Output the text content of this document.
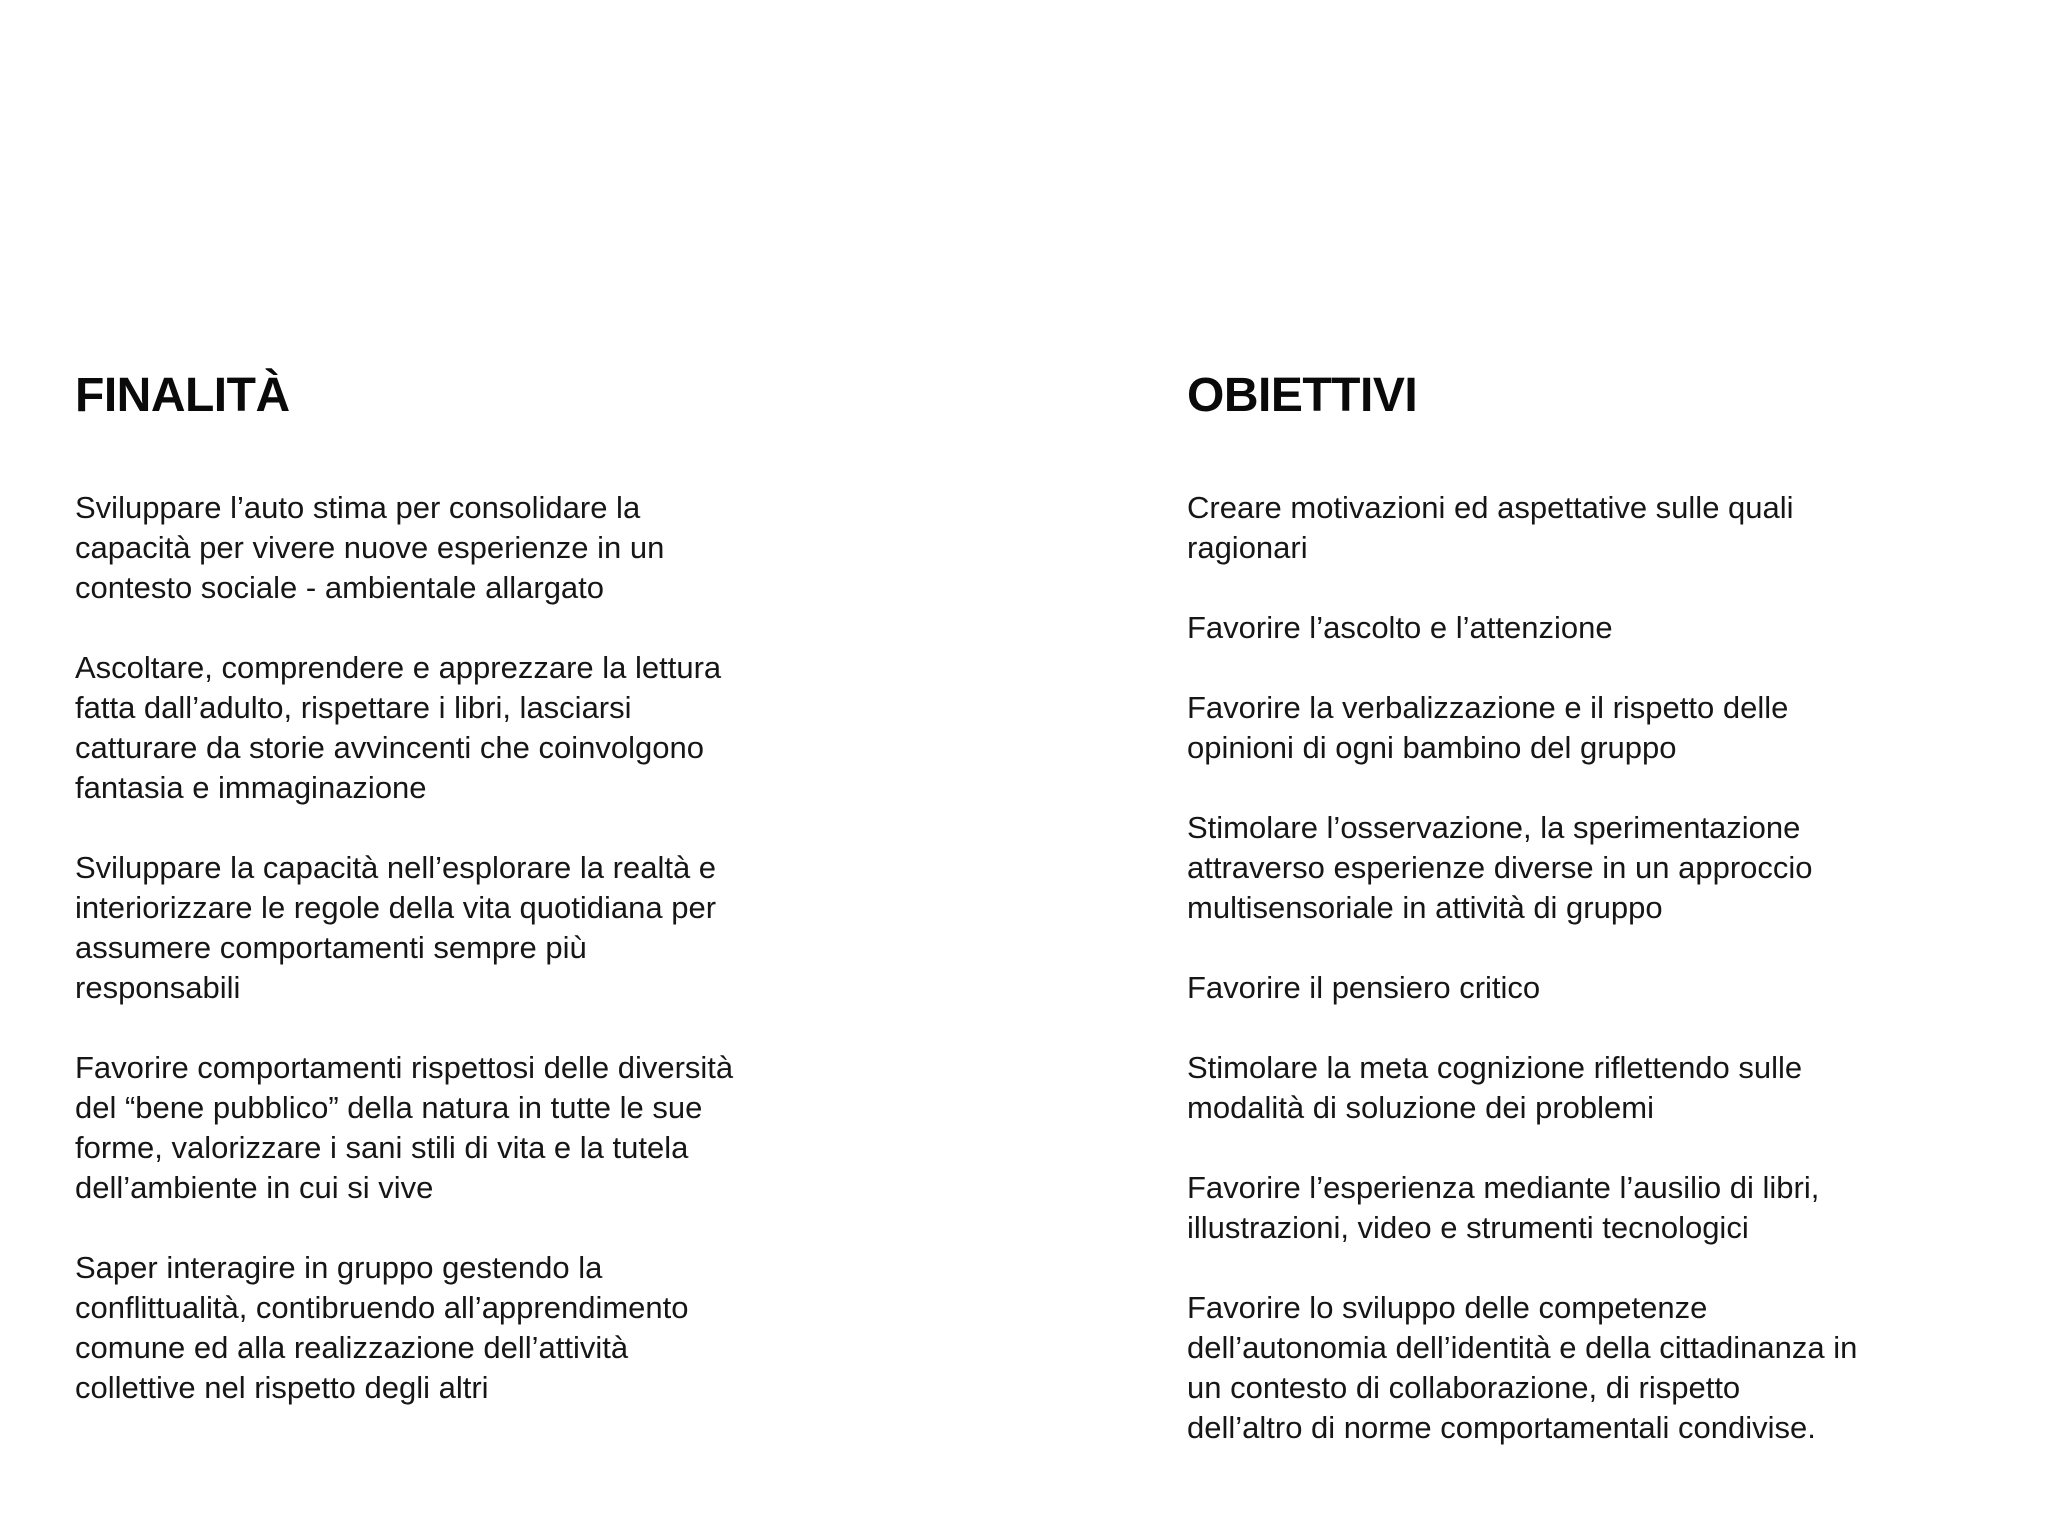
FINALITÀ

Sviluppare l’auto stima per consolidare la
capacità per vivere nuove esperienze in un
contesto sociale - ambientale allargato

Ascoltare, comprendere e apprezzare la lettura
fatta dall’adulto, rispettare i libri, lasciarsi
catturare da storie avvincenti che coinvolgono
fantasia e immaginazione

Sviluppare la capacità nell’esplorare la realtà e
interiorizzare le regole della vita quotidiana per
assumere comportamenti sempre più
responsabili

Favorire comportamenti rispettosi delle diversità
del “bene pubblico” della natura in tutte le sue
forme, valorizzare i sani stili di vita e la tutela
dell’ambiente in cui si vive

Saper interagire in gruppo gestendo la
conflittualità, contibruendo all’apprendimento
comune ed alla realizzazione dell’attività
collettive nel rispetto degli altri

OBIETTIVI

Creare motivazioni ed aspettative sulle quali
ragionari

Favorire l’ascolto e l’attenzione

Favorire la verbalizzazione e il rispetto delle
opinioni di ogni bambino del gruppo

Stimolare l’osservazione, la sperimentazione
attraverso esperienze diverse in un approccio
multisensoriale in attività di gruppo

Favorire il pensiero critico

Stimolare la meta cognizione riflettendo sulle
modalità di soluzione dei problemi

Favorire l’esperienza mediante l’ausilio di libri,
illustrazioni, video e strumenti tecnologici

Favorire lo sviluppo delle competenze
dell’autonomia dell’identità e della cittadinanza in
un contesto di collaborazione, di rispetto
dell’altro di norme comportamentali condivise.
